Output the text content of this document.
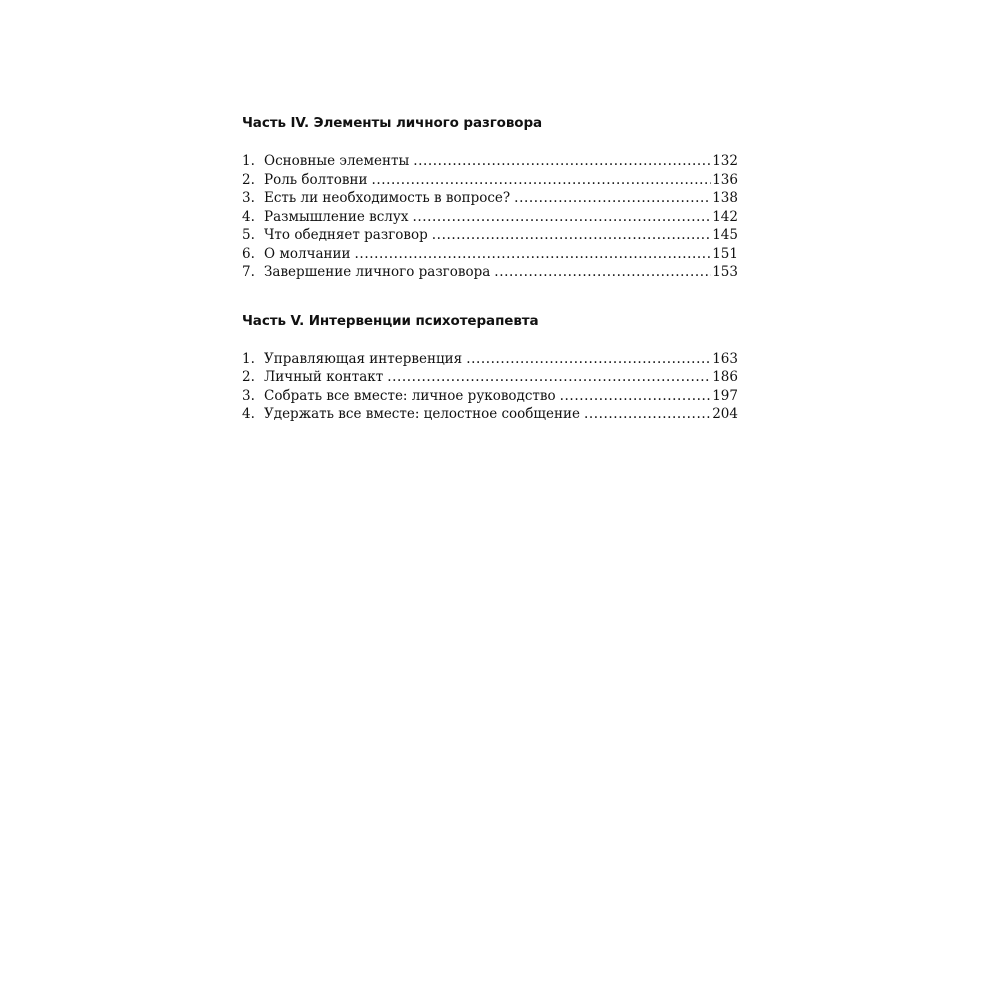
Часть IV. Элементы личного разговора
1. Основные элементы .....	132
2. Роль болтовни .....	136
3. Есть ли необходимость в вопросе? .....	138
4. Размышление вслух .....	142
5. Что обедняет разговор .....	145
6. О молчании .....	151
7. Завершение личного разговора .....	153
Часть V. Интервенции психотерапевта
1. Управляющая интервенция .....	163
2. Личный контакт .....	186
3. Собрать все вместе: личное руководство .....	197
4. Удержать все вместе: целостное сообщение .....	204
